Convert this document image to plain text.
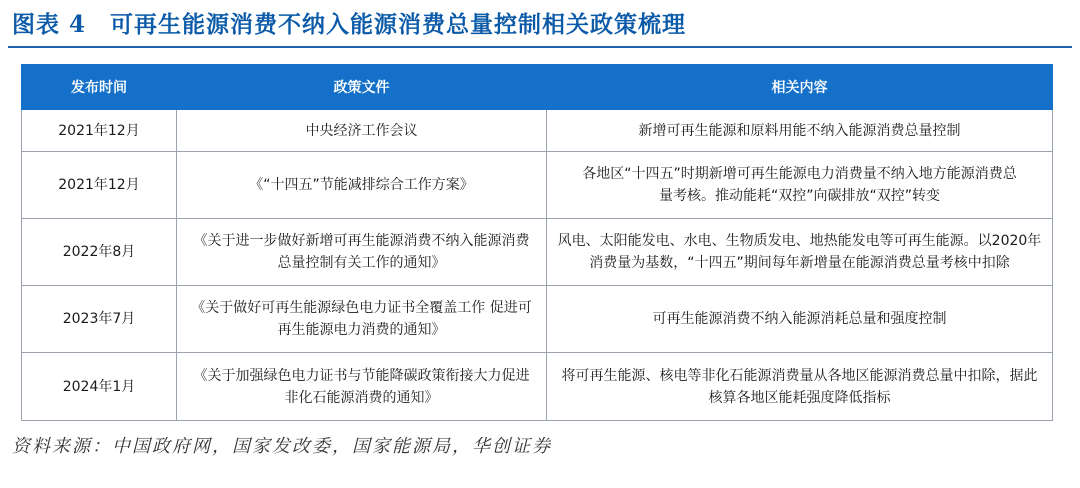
图表 4　可再生能源消费不纳入能源消费总量控制相关政策梳理
发布时间	政策文件	相关内容
2021年12月	中央经济工作会议	新增可再生能源和原料用能不纳入能源消费总量控制
2021年12月	《“十四五”节能减排综合工作方案》	各地区“十四五”时期新增可再生能源电力消费量不纳入地方能源消费总量考核。推动能耗“双控”向碳排放“双控”转变
2022年8月	《关于进一步做好新增可再生能源消费不纳入能源消费总量控制有关工作的通知》	风电、太阳能发电、水电、生物质发电、地热能发电等可再生能源。以2020年消费量为基数，“十四五”期间每年新增量在能源消费总量考核中扣除
2023年7月	《关于做好可再生能源绿色电力证书全覆盖工作 促进可再生能源电力消费的通知》	可再生能源消费不纳入能源消耗总量和强度控制
2024年1月	《关于加强绿色电力证书与节能降碳政策衔接大力促进非化石能源消费的通知》	将可再生能源、核电等非化石能源消费量从各地区能源消费总量中扣除，据此核算各地区能耗强度降低指标
资料来源：中国政府网，国家发改委，国家能源局，华创证券
